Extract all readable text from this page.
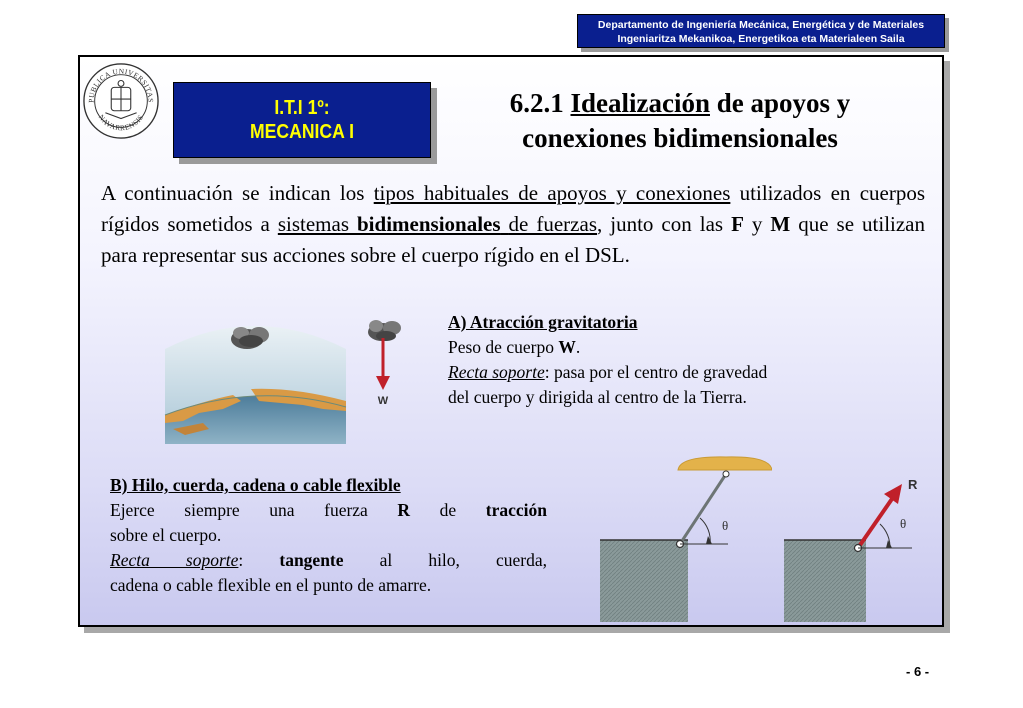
Departamento de Ingeniería Mecánica, Energética y de Materiales
Ingeniaritza Mekanikoa, Energetikoa eta Materialeen Saila
PUBLICA UNIVERSITAS
NAVARRENSIS	I.T.I 1º:
MECANICA I
6.2.1 Idealización de apoyos y
conexiones bidimensionales
A continuación se indican los tipos habituales de apoyos y conexiones utilizados en cuerpos rígidos sometidos a sistemas bidimensionales de fuerzas, junto con las F y M que se utilizan para representar sus acciones sobre el cuerpo rígido en el DSL.
W
A) Atracción gravitatoria
Peso de cuerpo W.
Recta soporte: pasa por el centro de gravedad
del cuerpo y dirigida al centro de la Tierra.
B) Hilo, cuerda, cadena o cable flexible
Ejerce siempre una fuerza R de tracción
sobre el cuerpo.
Recta soporte: tangente al hilo, cuerda,
cadena o cable flexible en el punto de amarre.
θ
R
θ
- 6 -
